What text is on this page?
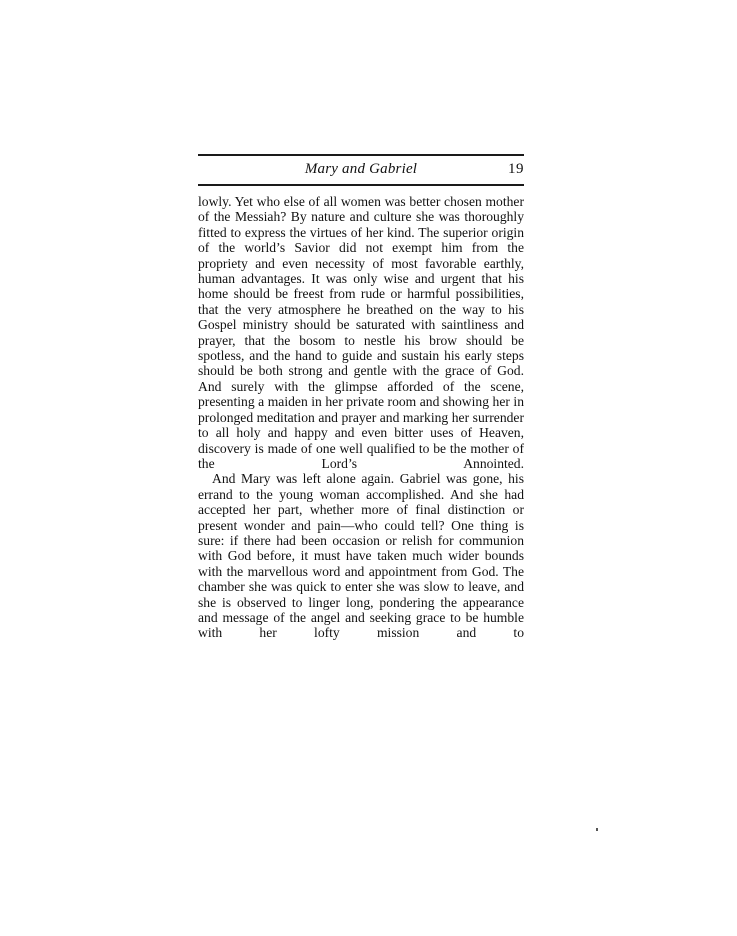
Mary and Gabriel	19

lowly. Yet who else of all women was better chosen mother of the Messiah? By nature and culture she was thoroughly fitted to express the virtues of her kind. The superior origin of the world’s Savior did not exempt him from the propriety and even necessity of most favorable earthly, human advantages. It was only wise and urgent that his home should be freest from rude or harmful possibilities, that the very atmosphere he breathed on the way to his Gospel ministry should be saturated with saintliness and prayer, that the bosom to nestle his brow should be spotless, and the hand to guide and sustain his early steps should be both strong and gentle with the grace of God. And surely with the glimpse afforded of the scene, presenting a maiden in her private room and showing her in prolonged meditation and prayer and marking her surrender to all holy and happy and even bitter uses of Heaven, discovery is made of one well qualified to be the mother of the Lord’s Annointed.

And Mary was left alone again. Gabriel was gone, his errand to the young woman accomplished. And she had accepted her part, whether more of final distinction or present wonder and pain—who could tell? One thing is sure: if there had been occasion or relish for communion with God before, it must have taken much wider bounds with the marvellous word and appointment from God. The chamber she was quick to enter she was slow to leave, and she is observed to linger long, pondering the appearance and message of the angel and seeking grace to be humble with her lofty mission and to
